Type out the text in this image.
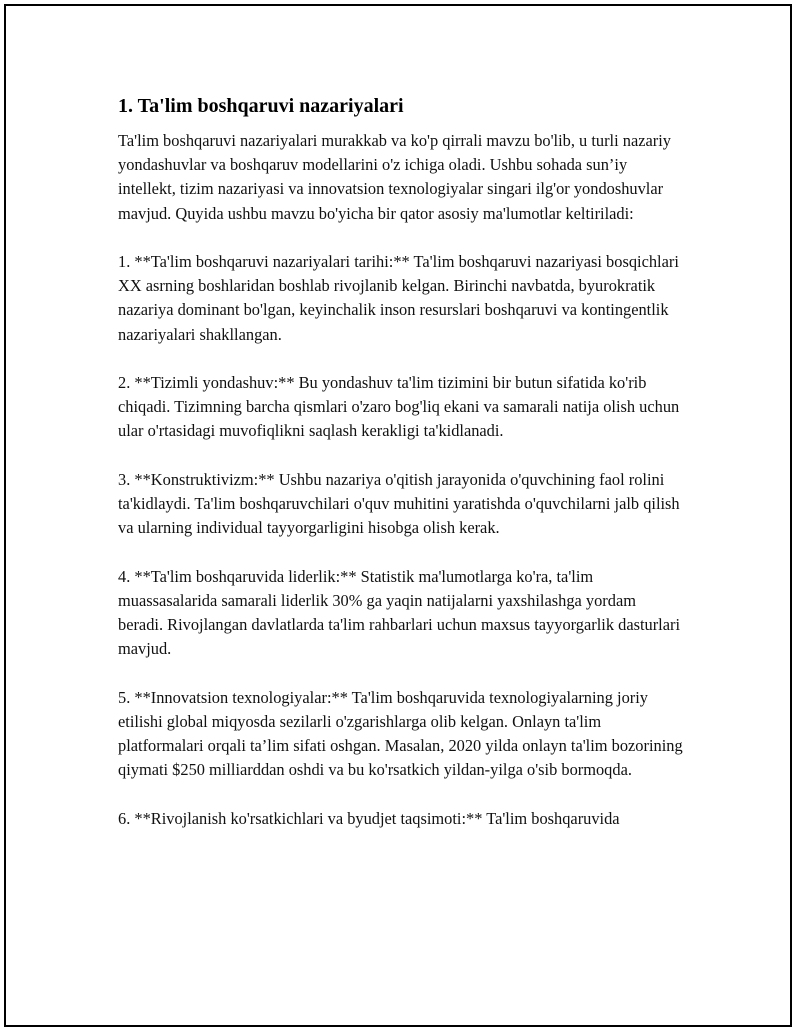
1. Ta'lim boshqaruvi nazariyalari

Ta'lim boshqaruvi nazariyalari murakkab va ko'p qirrali mavzu bo'lib, u turli nazariy yondashuvlar va boshqaruv modellarini o'z ichiga oladi. Ushbu sohada sun’iy intellekt, tizim nazariyasi va innovatsion texnologiyalar singari ilg'or yondoshuvlar mavjud. Quyida ushbu mavzu bo'yicha bir qator asosiy ma'lumotlar keltiriladi:

1. **Ta'lim boshqaruvi nazariyalari tarihi:** Ta'lim boshqaruvi nazariyasi bosqichlari XX asrning boshlaridan boshlab rivojlanib kelgan. Birinchi navbatda, byurokratik nazariya dominant bo'lgan, keyinchalik inson resurslari boshqaruvi va kontingentlik nazariyalari shakllangan.

2. **Tizimli yondashuv:** Bu yondashuv ta'lim tizimini bir butun sifatida ko'rib chiqadi. Tizimning barcha qismlari o'zaro bog'liq ekani va samarali natija olish uchun ular o'rtasidagi muvofiqlikni saqlash kerakligi ta'kidlanadi.

3. **Konstruktivizm:** Ushbu nazariya o'qitish jarayonida o'quvchining faol rolini ta'kidlaydi. Ta'lim boshqaruvchilari o'quv muhitini yaratishda o'quvchilarni jalb qilish va ularning individual tayyorgarligini hisobga olish kerak.

4. **Ta'lim boshqaruvida liderlik:** Statistik ma'lumotlarga ko'ra, ta'lim muassasalarida samarali liderlik 30% ga yaqin natijalarni yaxshilashga yordam beradi. Rivojlangan davlatlarda ta'lim rahbarlari uchun maxsus tayyorgarlik dasturlari mavjud.

5. **Innovatsion texnologiyalar:** Ta'lim boshqaruvida texnologiyalarning joriy etilishi global miqyosda sezilarli o'zgarishlarga olib kelgan. Onlayn ta'lim platformalari orqali ta’lim sifati oshgan. Masalan, 2020 yilda onlayn ta'lim bozorining qiymati $250 milliarddan oshdi va bu ko'rsatkich yildan-yilga o'sib bormoqda.

6. **Rivojlanish ko'rsatkichlari va byudjet taqsimoti:** Ta'lim boshqaruvida
